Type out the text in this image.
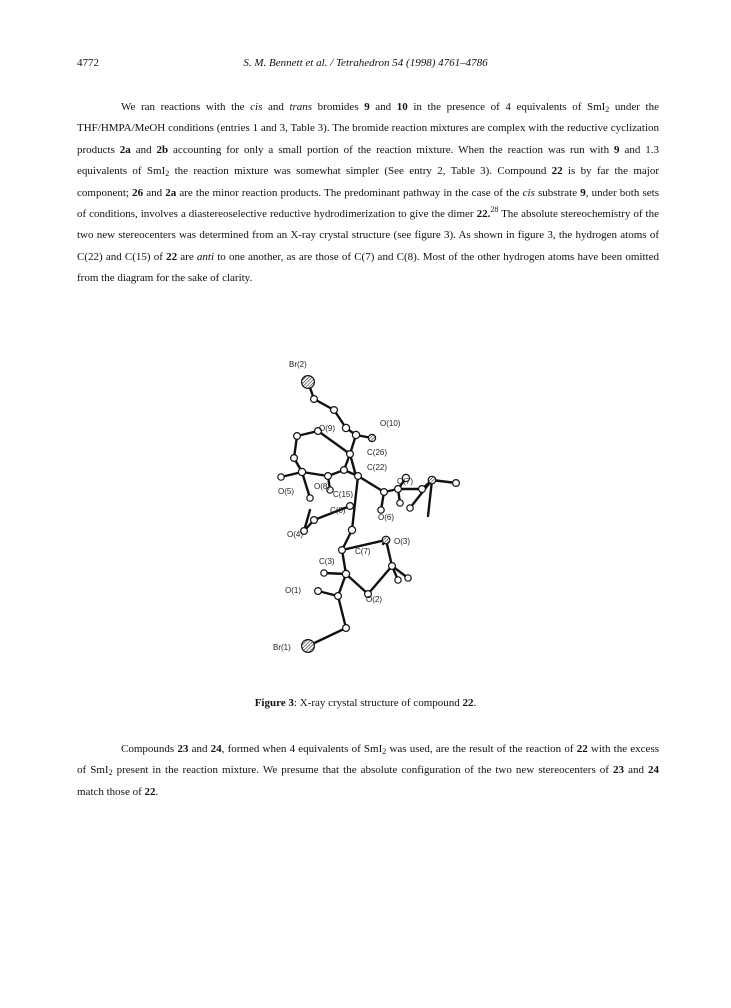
4772	S. M. Bennett et al. / Tetrahedron 54 (1998) 4761–4786
We ran reactions with the cis and trans bromides 9 and 10 in the presence of 4 equivalents of SmI$_2$ under the THF/HMPA/MeOH conditions (entries 1 and 3, Table 3). The bromide reaction mixtures are complex with the reductive cyclization products 2a and 2b accounting for only a small portion of the reaction mixture. When the reaction was run with 9 and 1.3 equivalents of SmI$_2$ the reaction mixture was somewhat simpler (See entry 2, Table 3). Compound 22 is by far the major component; 26 and 2a are the minor reaction products. The predominant pathway in the case of the cis substrate 9, under both sets of conditions, involves a diastereoselective reductive hydrodimerization to give the dimer 22.28 The absolute stereochemistry of the two new stereocenters was determined from an X-ray crystal structure (see figure 3). As shown in figure 3, the hydrogen atoms of C(22) and C(15) of 22 are anti to one another, as are those of C(7) and C(8). Most of the other hydrogen atoms have been omitted from the diagram for the sake of clarity.
Br(2)
O(9)
O(10)
C(26)
C(22)
O(8)
O(7)
O(5)	C(15)
C(8)
O(6)
O(4)
O(3)
C(7)
C(3)
O(1)
O(2)
Br(1)
Figure 3: X-ray crystal structure of compound 22.
Compounds 23 and 24, formed when 4 equivalents of SmI$_2$ was used, are the result of the reaction of 22 with the excess of SmI$_2$ present in the reaction mixture. We presume that the absolute configuration of the two new stereocenters of 23 and 24 match those of 22.
